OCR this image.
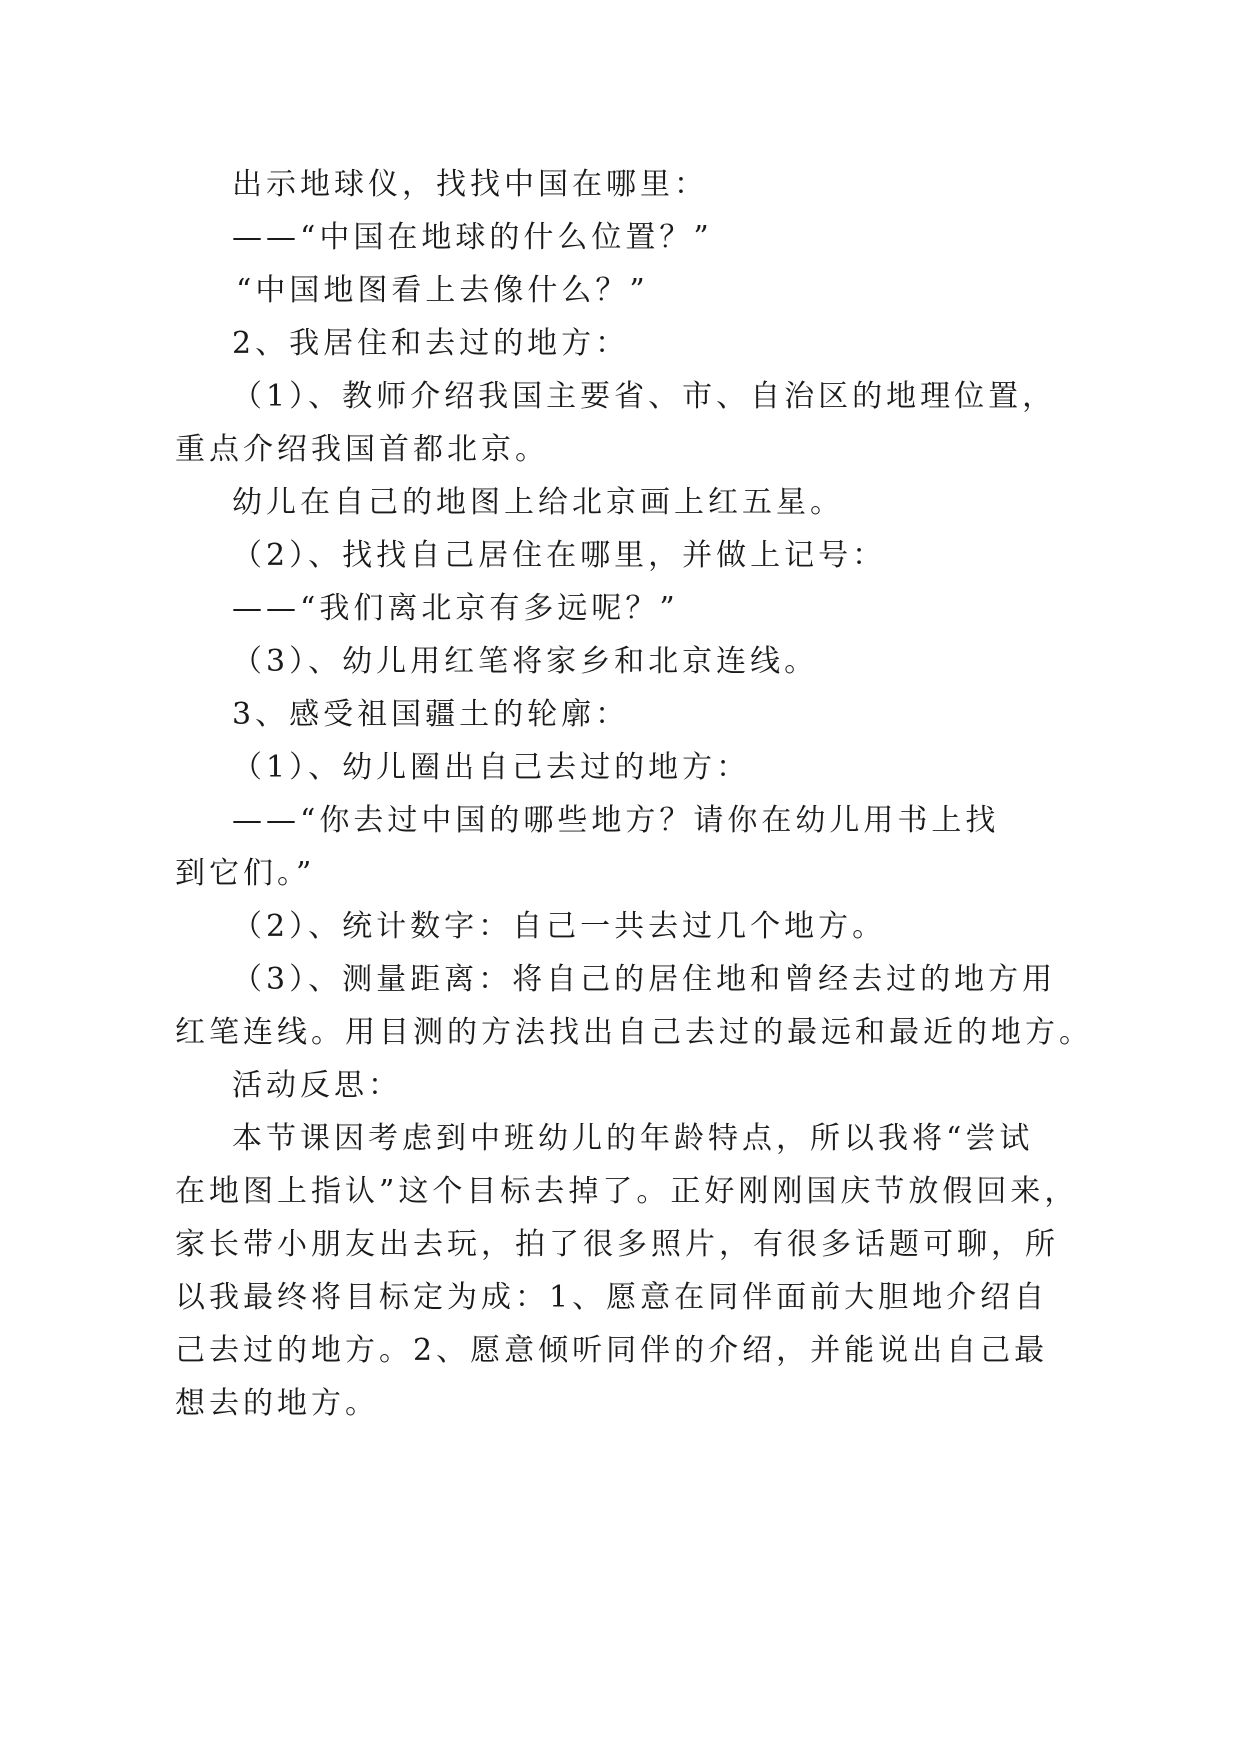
出示地球仪，找找中国在哪里：
——“中国在地球的什么位置？”
“中国地图看上去像什么？”
2、我居住和去过的地方：
（1）、教师介绍我国主要省、市、自治区的地理位置，
重点介绍我国首都北京。
幼儿在自己的地图上给北京画上红五星。
（2）、找找自己居住在哪里，并做上记号：
——“我们离北京有多远呢？”
（3）、幼儿用红笔将家乡和北京连线。
3、感受祖国疆土的轮廓：
（1）、幼儿圈出自己去过的地方：
——“你去过中国的哪些地方？请你在幼儿用书上找
到它们。”
（2）、统计数字：自己一共去过几个地方。
（3）、测量距离：将自己的居住地和曾经去过的地方用
红笔连线。用目测的方法找出自己去过的最远和最近的地方。
活动反思：
本节课因考虑到中班幼儿的年龄特点，所以我将“尝试
在地图上指认”这个目标去掉了。正好刚刚国庆节放假回来，
家长带小朋友出去玩，拍了很多照片，有很多话题可聊，所
以我最终将目标定为成：1、愿意在同伴面前大胆地介绍自
己去过的地方。2、愿意倾听同伴的介绍，并能说出自己最
想去的地方。
